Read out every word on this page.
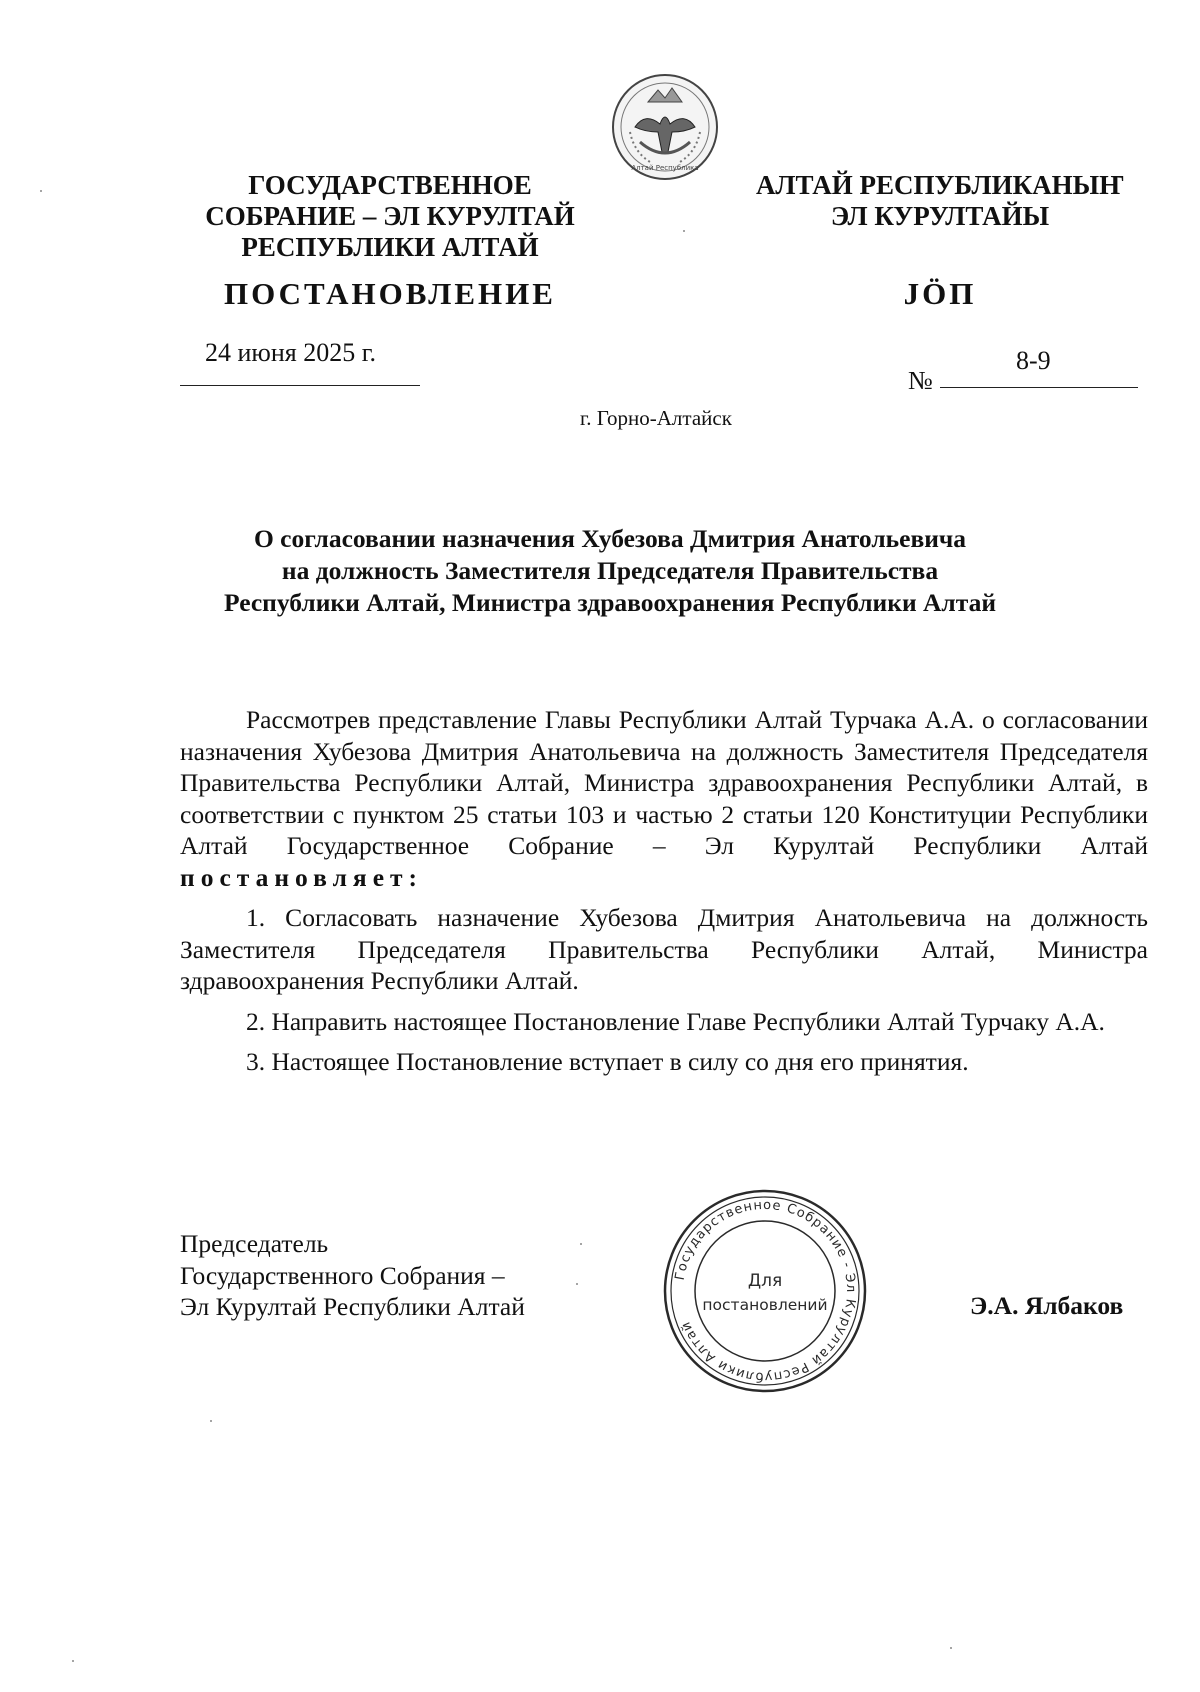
Алтай Республика
ГОСУДАРСТВЕННОЕ
СОБРАНИЕ – ЭЛ КУРУЛТАЙ
РЕСПУБЛИКИ АЛТАЙ
ПОСТАНОВЛЕНИЕ
АЛТАЙ РЕСПУБЛИКАНЫҤ
ЭЛ КУРУЛТАЙЫ
JӦП
24 июня 2025 г.
№
8-9
г. Горно-Алтайск
О согласовании назначения Хубезова Дмитрия Анатольевича
на должность Заместителя Председателя Правительства
Республики Алтай, Министра здравоохранения Республики Алтай

Рассмотрев представление Главы Республики Алтай Турчака А.А. о согласовании назначения Хубезова Дмитрия Анатольевича на должность Заместителя Председателя Правительства Республики Алтай, Министра здравоохранения Республики Алтай, в соответствии с пунктом 25 статьи 103 и частью 2 статьи 120 Конституции Республики Алтай Государственное Собрание – Эл Курултай Республики Алтай постановляет:

1. Согласовать назначение Хубезова Дмитрия Анатольевича на должность Заместителя Председателя Правительства Республики Алтай, Министра здравоохранения Республики Алтай.

2. Направить настоящее Постановление Главе Республики Алтай Турчаку А.А.

3. Настоящее Постановление вступает в силу со дня его принятия.

Председатель
Государственного Собрания –
Эл Курултай Республики Алтай	Э.А. Ялбаков
Государственное Собрание - Эл Курултай Республики Алтай
Для
постановлений
